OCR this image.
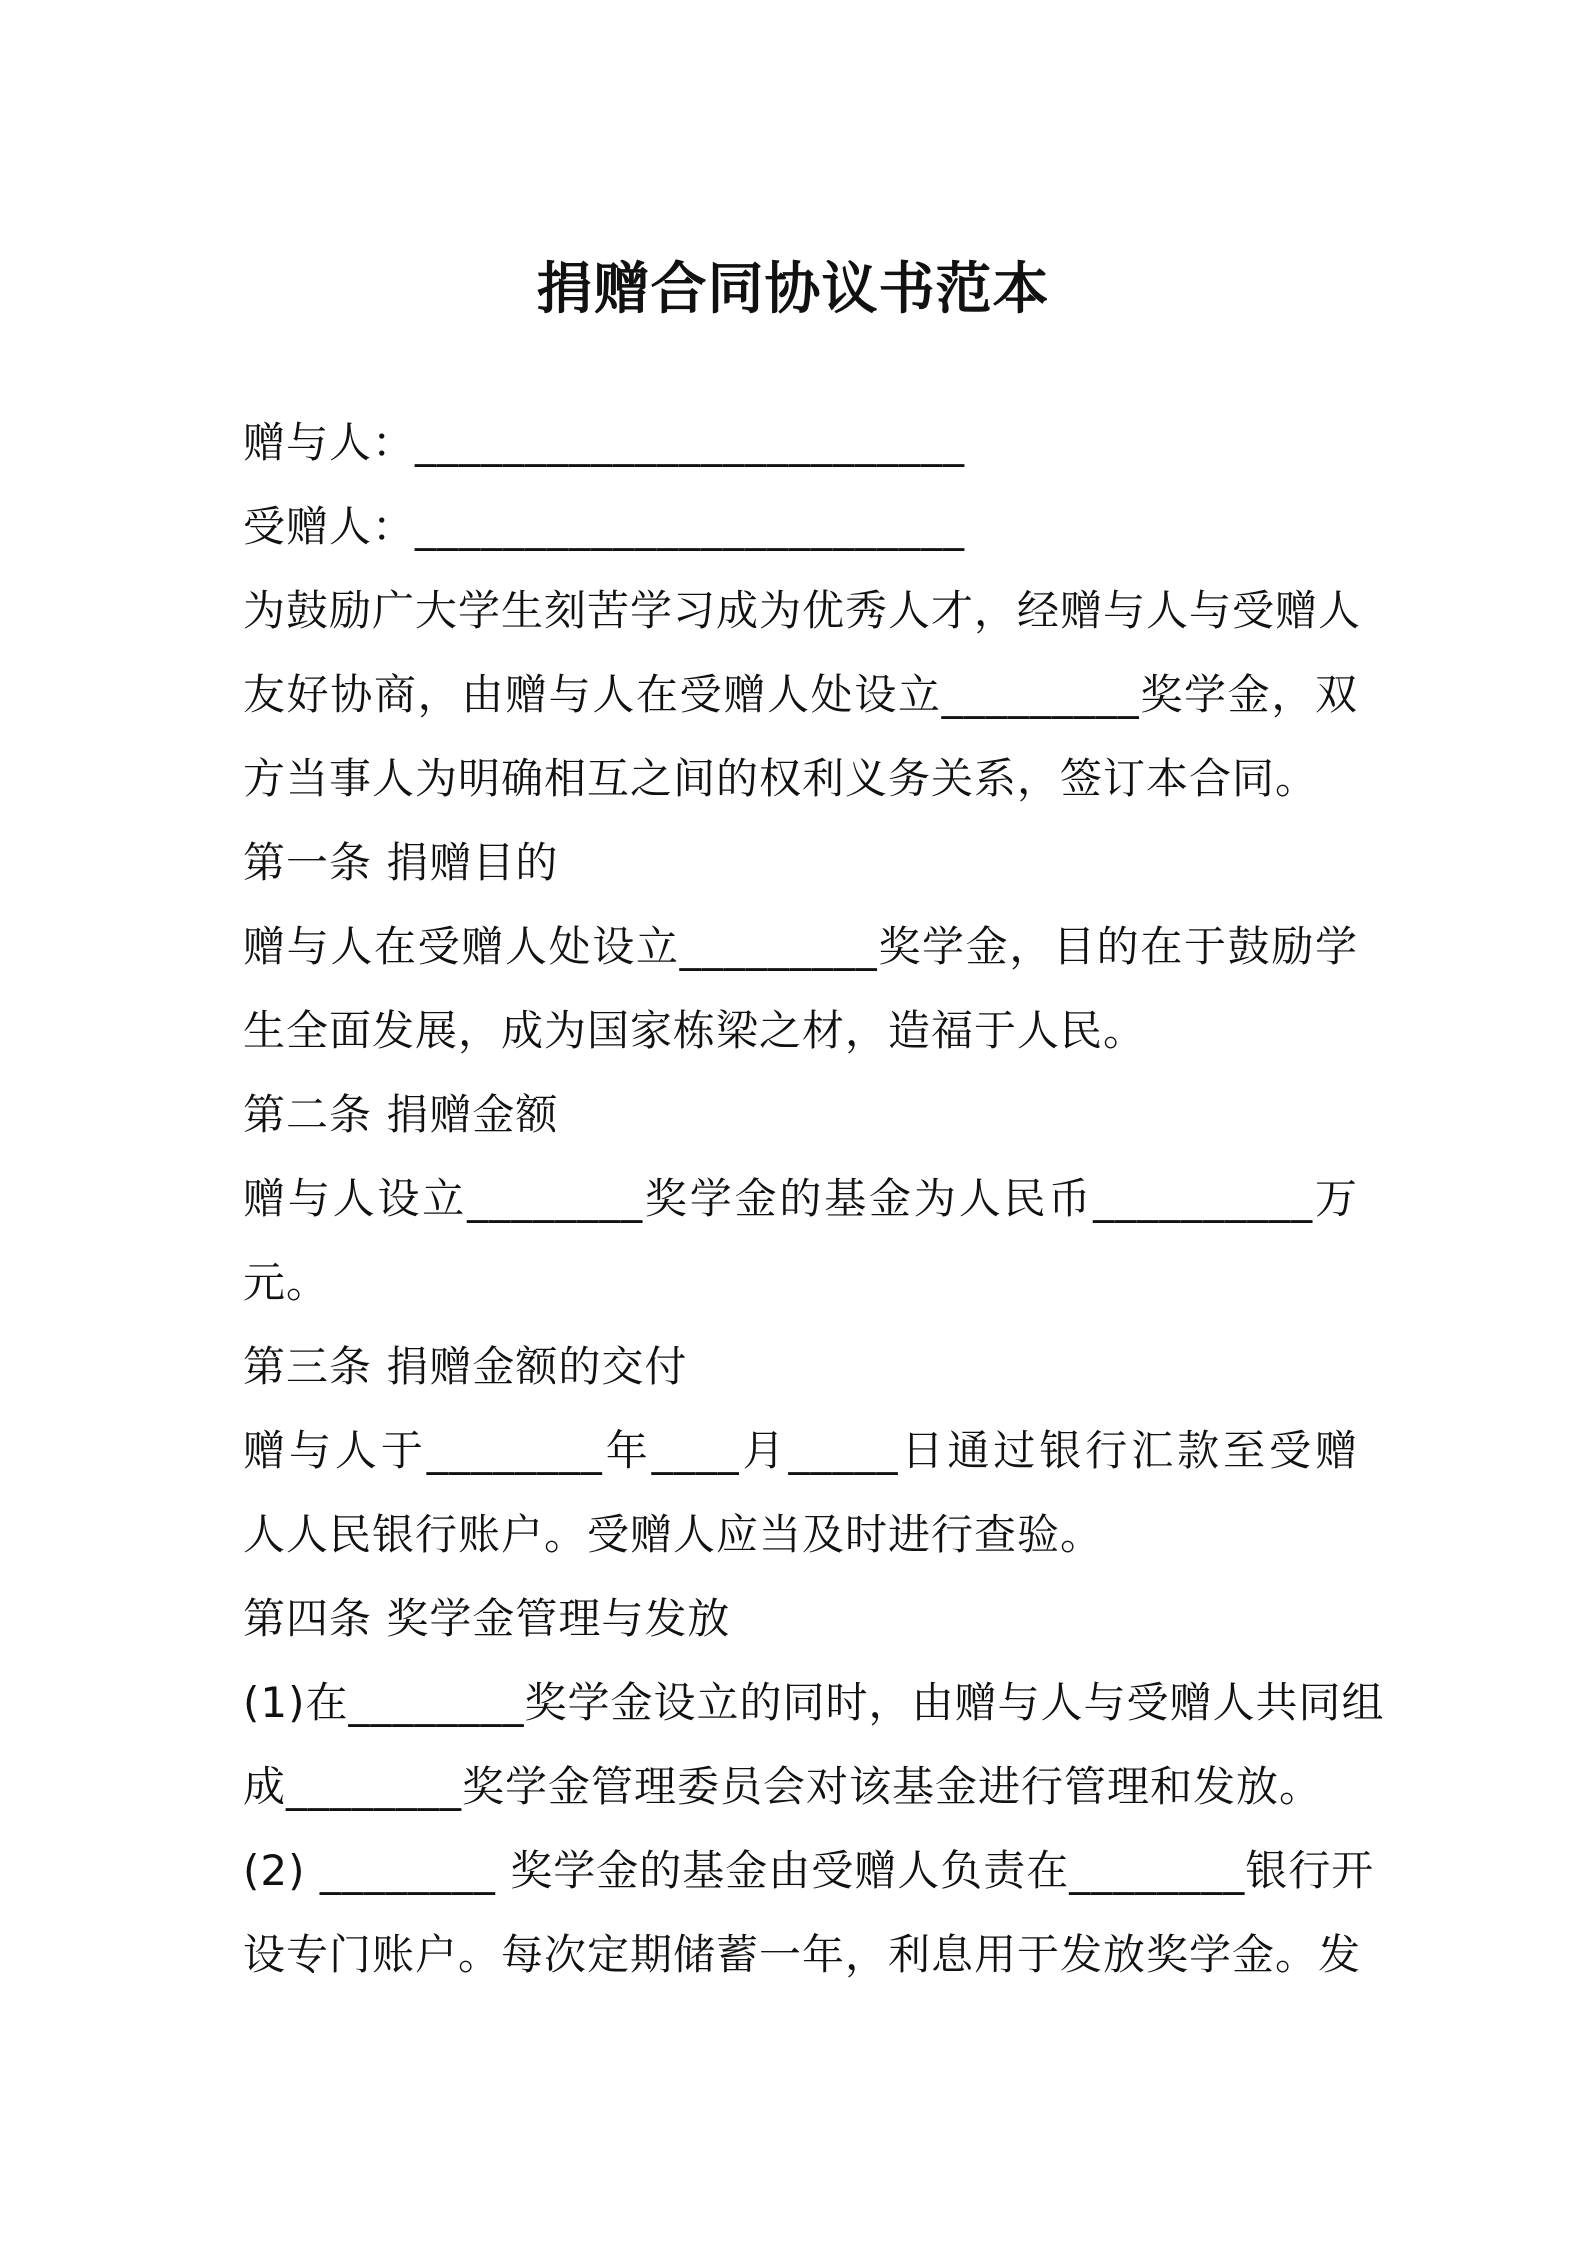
捐赠合同协议书范本
赠与人：_________________________
受赠人：_________________________
为鼓励广大学生刻苦学习成为优秀人才，经赠与人与受赠人
友好协商，由赠与人在受赠人处设立_________奖学金，双
方当事人为明确相互之间的权利义务关系，签订本合同。
第一条 捐赠目的
赠与人在受赠人处设立_________奖学金，目的在于鼓励学
生全面发展，成为国家栋梁之材，造福于人民。
第二条 捐赠金额
赠与人设立________奖学金的基金为人民币__________万
元。
第三条 捐赠金额的交付
赠与人于________年____月_____日通过银行汇款至受赠
人人民银行账户。受赠人应当及时进行查验。
第四条 奖学金管理与发放
(1)在________奖学金设立的同时，由赠与人与受赠人共同组
成________奖学金管理委员会对该基金进行管理和发放。
(2) ________ 奖学金的基金由受赠人负责在________银行开
设专门账户。每次定期储蓄一年，利息用于发放奖学金。发
